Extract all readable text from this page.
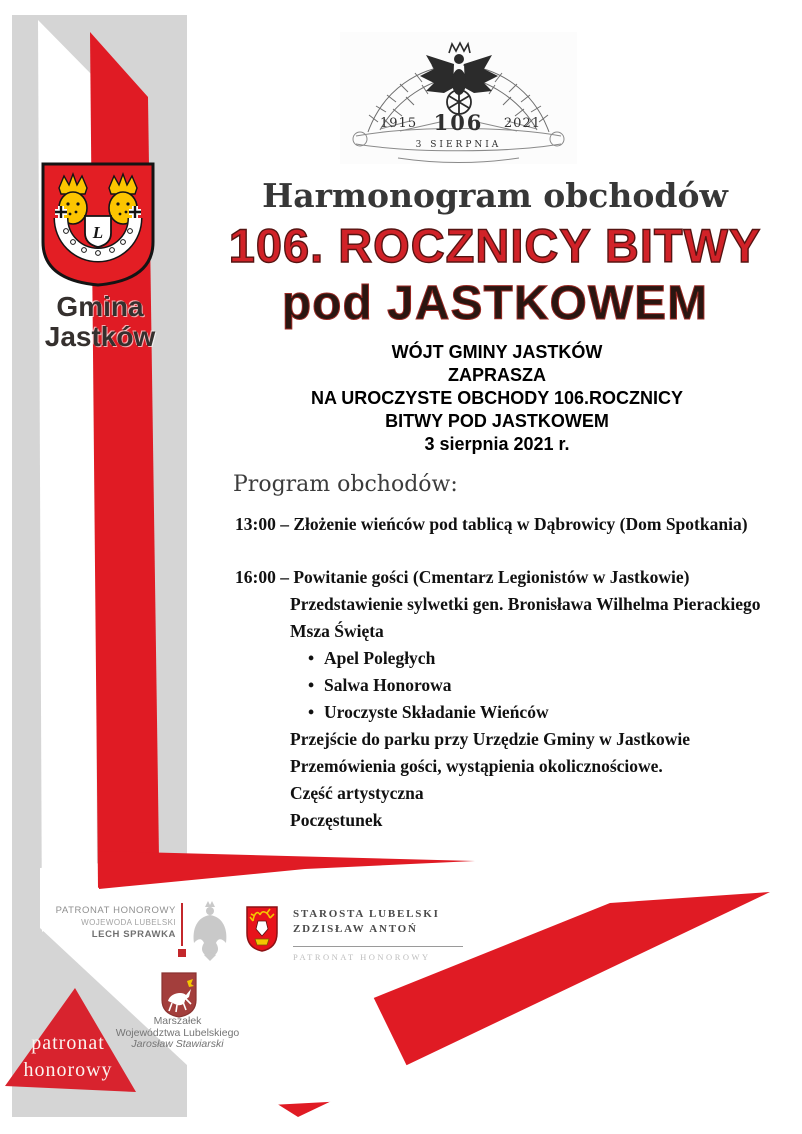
1915 106	2021
3 SIERPNIA
L
Gmina
Jastków
Harmonogram obchodów
106. ROCZNICY BITWY
pod JASTKOWEM
WÓJT GMINY JASTKÓW
ZAPRASZA
NA UROCZYSTE OBCHODY 106.ROCZNICY
BITWY POD JASTKOWEM
3 sierpnia 2021 r.
Program obchodów:
13:00 – Złożenie wieńców pod tablicą w Dąbrowicy (Dom Spotkania)
16:00 – Powitanie gości (Cmentarz Legionistów w Jastkowie)
Przedstawienie sylwetki gen. Bronisława Wilhelma Pierackiego
Msza Święta
• Apel Poległych
• Salwa Honorowa
• Uroczyste Składanie Wieńców
Przejście do parku przy Urzędzie Gminy w Jastkowie
Przemówienia gości, wystąpienia okolicznościowe.
Część artystyczna
Poczęstunek
PATRONAT HONOROWY
WOJEWODA LUBELSKI
LECH SPRAWKA
STAROSTA LUBELSKI
ZDZISŁAW ANTOŃ
PATRONAT HONOROWY
Marszałek
Województwa Lubelskiego
Jarosław Stawiarski
patronat
honorowy
